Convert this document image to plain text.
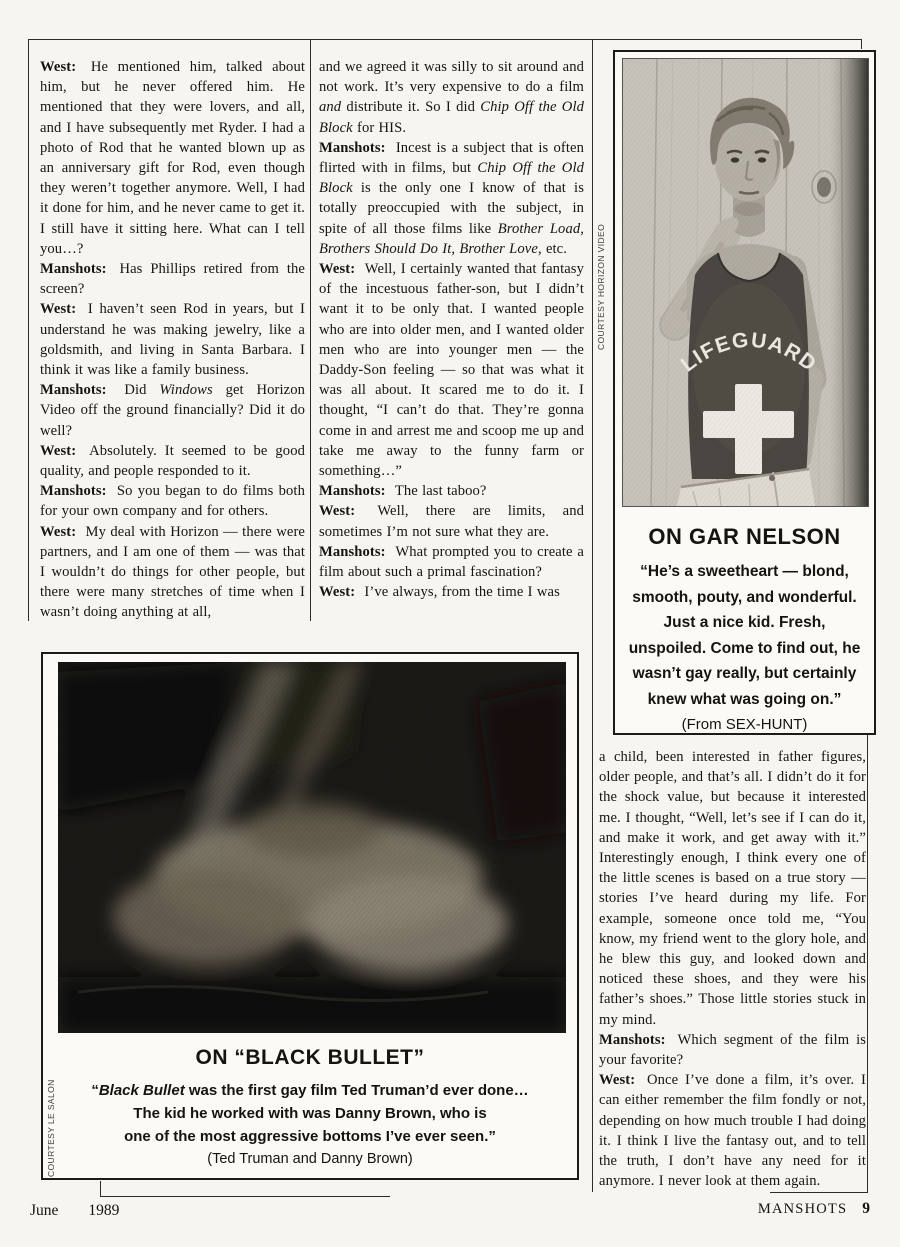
West: He mentioned him, talked about him, but he never offered him. He mentioned that they were lovers, and all, and I have subsequently met Ryder. I had a photo of Rod that he wanted blown up as an anniversary gift for Rod, even though they weren’t together anymore. Well, I had it done for him, and he never came to get it. I still have it sitting here. What can I tell you…?

Manshots: Has Phillips retired from the screen?

West: I haven’t seen Rod in years, but I understand he was making jewelry, like a goldsmith, and living in Santa Barbara. I think it was like a family business.

Manshots: Did Windows get Horizon Video off the ground financially? Did it do well?

West: Absolutely. It seemed to be good quality, and people responded to it.

Manshots: So you began to do films both for your own company and for others.

West: My deal with Horizon — there were partners, and I am one of them — was that I wouldn’t do things for other people, but there were many stretches of time when I wasn’t doing anything at all,

and we agreed it was silly to sit around and not work. It’s very expensive to do a film and distribute it. So I did Chip Off the Old Block for HIS.

Manshots: Incest is a subject that is often flirted with in films, but Chip Off the Old Block is the only one I know of that is totally preoccupied with the subject, in spite of all those films like Brother Load, Brothers Should Do It, Brother Love, etc.

West: Well, I certainly wanted that fantasy of the incestuous father-son, but I didn’t want it to be only that. I wanted people who are into older men, and I wanted older men who are into younger men — the Daddy-Son feeling — so that was what it was all about. It scared me to do it. I thought, “I can’t do that. They’re gonna come in and arrest me and scoop me up and take me away to the funny farm or something…”

Manshots: The last taboo?

West: Well, there are limits, and sometimes I’m not sure what they are.

Manshots: What prompted you to create a film about such a primal fascination?

West: I’ve always, from the time I was

a child, been interested in father figures, older people, and that’s all. I didn’t do it for the shock value, but because it interested me. I thought, “Well, let’s see if I can do it, and make it work, and get away with it.” Interestingly enough, I think every one of the little scenes is based on a true story — stories I’ve heard during my life. For example, someone once told me, “You know, my friend went to the glory hole, and he blew this guy, and looked down and noticed these shoes, and they were his father’s shoes.” Those little stories stuck in my mind.

Manshots: Which segment of the film is your favorite?

West: Once I’ve done a film, it’s over. I can either remember the film fondly or not, depending on how much trouble I had doing it. I think I live the fantasy out, and to tell the truth, I don’t have any need for it anymore. I never look at them again.

COURTESY HORIZON VIDEO
ON GAR NELSON
“He’s a sweetheart — blond,
smooth, pouty, and wonderful.
Just a nice kid. Fresh,
unspoiled. Come to find out, he
wasn’t gay really, but certainly
knew what was going on.”
(From SEX-HUNT)
COURTESY LE SALON
ON “BLACK BULLET”
“Black Bullet was the first gay film Ted Truman’d ever done…
The kid he worked with was Danny Brown, who is
one of the most aggressive bottoms I’ve ever seen.”
(Ted Truman and Danny Brown)
June 1989	MANSHOTS 9
